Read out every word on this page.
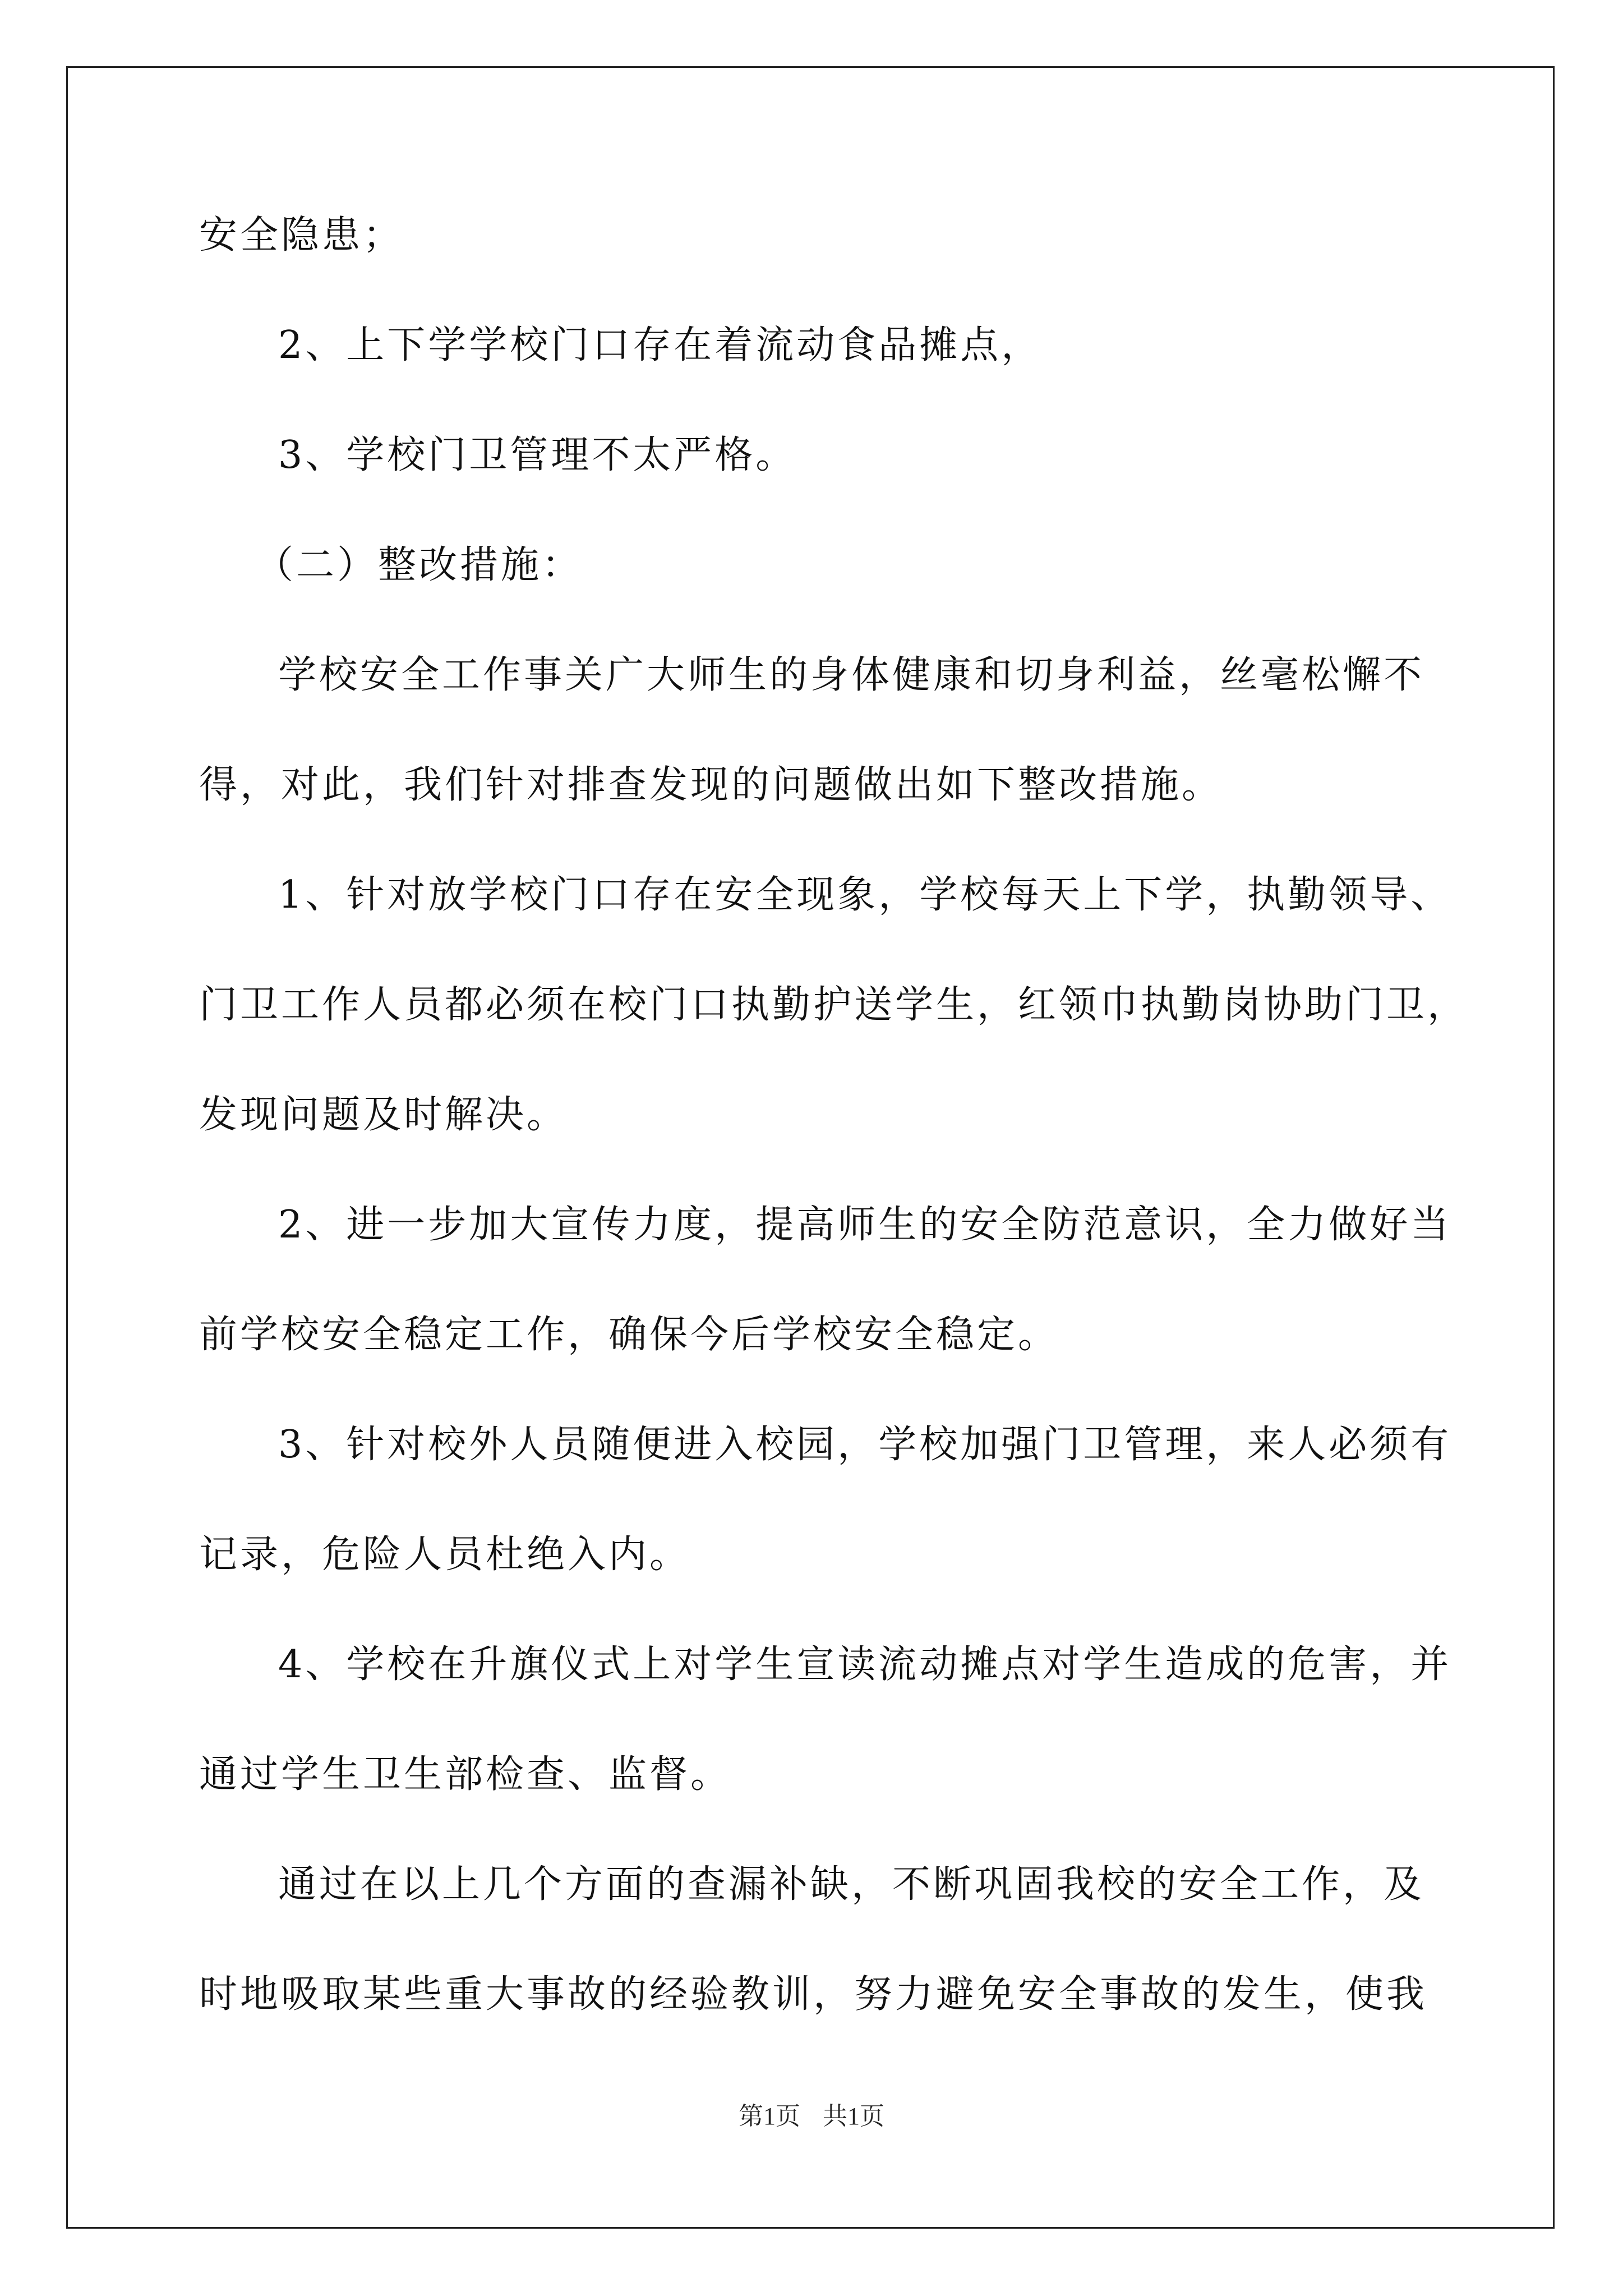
安全隐患；
2、上下学学校门口存在着流动食品摊点，
3、学校门卫管理不太严格。
（二）整改措施：
学校安全工作事关广大师生的身体健康和切身利益，丝毫松懈不
得，对此，我们针对排查发现的问题做出如下整改措施。
1、针对放学校门口存在安全现象，学校每天上下学，执勤领导、
门卫工作人员都必须在校门口执勤护送学生，红领巾执勤岗协助门卫，
发现问题及时解决。
2、进一步加大宣传力度，提高师生的安全防范意识，全力做好当
前学校安全稳定工作，确保今后学校安全稳定。
3、针对校外人员随便进入校园，学校加强门卫管理，来人必须有
记录，危险人员杜绝入内。
4、学校在升旗仪式上对学生宣读流动摊点对学生造成的危害，并
通过学生卫生部检查、监督。
通过在以上几个方面的查漏补缺，不断巩固我校的安全工作，及
时地吸取某些重大事故的经验教训，努力避免安全事故的发生，使我
第1页 共1页
